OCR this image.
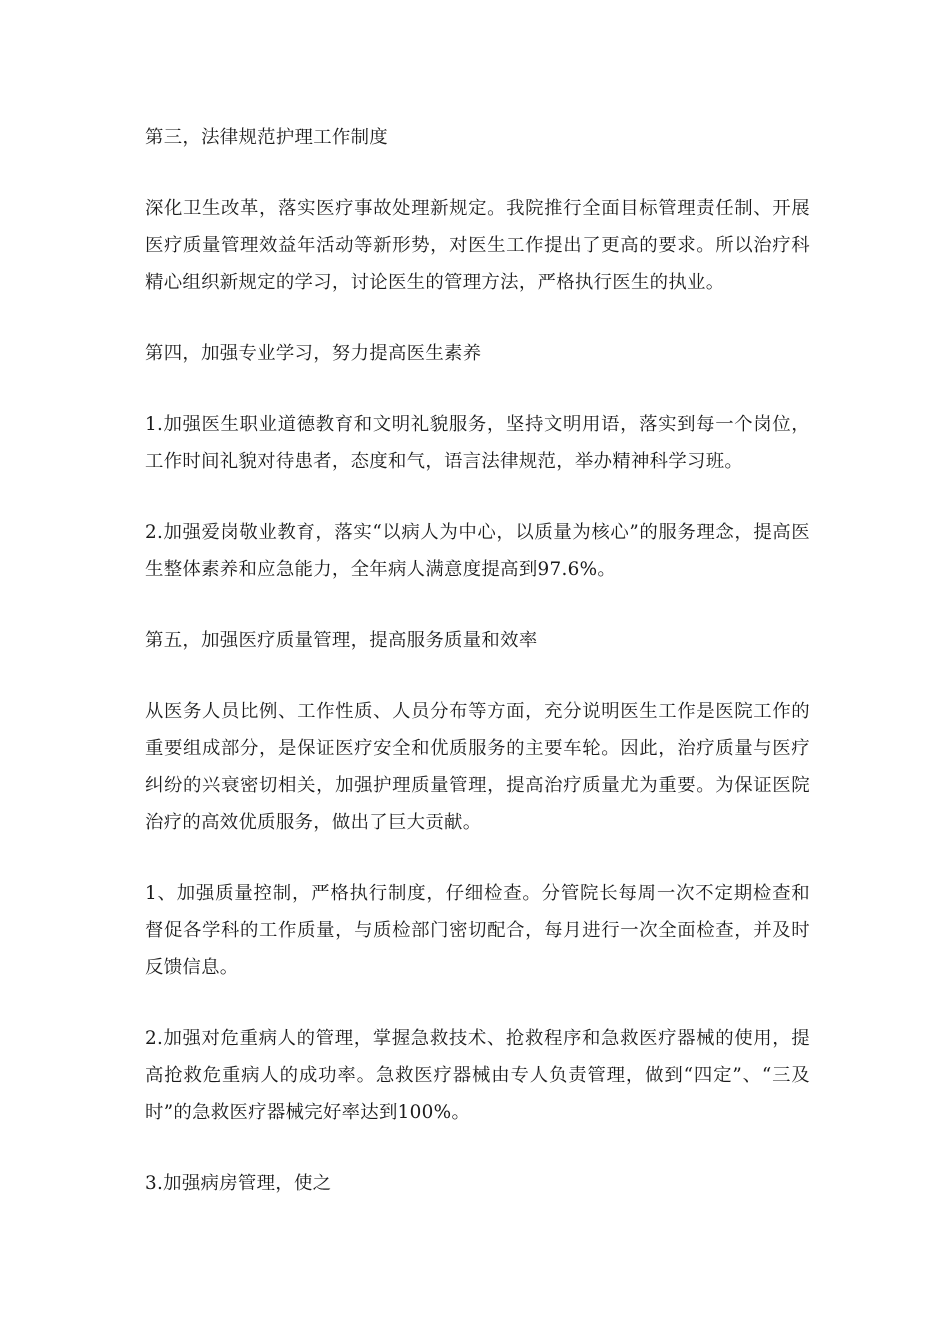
第三，法律规范护理工作制度

深化卫生改革，落实医疗事故处理新规定。我院推行全面目标管理责任制、开展医疗质量管理效益年活动等新形势，对医生工作提出了更高的要求。所以治疗科精心组织新规定的学习，讨论医生的管理方法，严格执行医生的执业。

第四，加强专业学习，努力提高医生素养

1.加强医生职业道德教育和文明礼貌服务，坚持文明用语，落实到每一个岗位，工作时间礼貌对待患者，态度和气，语言法律规范，举办精神科学习班。

2.加强爱岗敬业教育，落实“以病人为中心，以质量为核心”的服务理念，提高医生整体素养和应急能力，全年病人满意度提高到97.6%。

第五，加强医疗质量管理，提高服务质量和效率

从医务人员比例、工作性质、人员分布等方面，充分说明医生工作是医院工作的重要组成部分，是保证医疗安全和优质服务的主要车轮。因此，治疗质量与医疗纠纷的兴衰密切相关，加强护理质量管理，提高治疗质量尤为重要。为保证医院治疗的高效优质服务，做出了巨大贡献。

1、加强质量控制，严格执行制度，仔细检查。分管院长每周一次不定期检查和督促各学科的工作质量，与质检部门密切配合，每月进行一次全面检查，并及时反馈信息。

2.加强对危重病人的管理，掌握急救技术、抢救程序和急救医疗器械的使用，提高抢救危重病人的成功率。急救医疗器械由专人负责管理，做到“四定”、“三及时”的急救医疗器械完好率达到100%。

3.加强病房管理，使之
